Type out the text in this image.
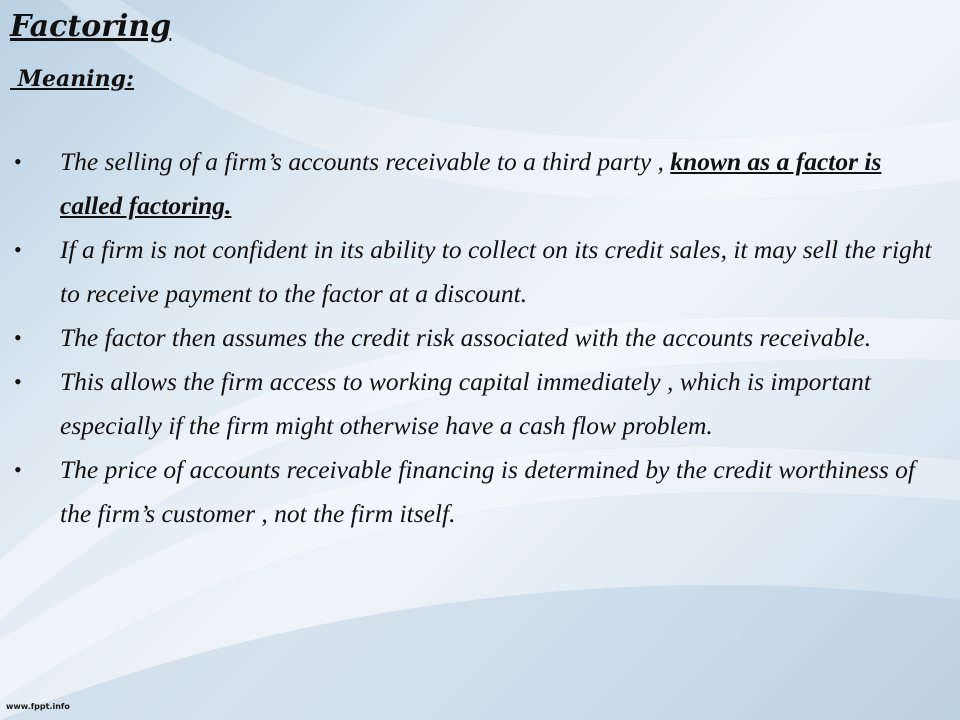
Factoring
Meaning:
• The selling of a firm’s accounts receivable to a third party , known as a factor is called factoring.
• If a firm is not confident in its ability to collect on its credit sales, it may sell the right to receive payment to the factor at a discount.
• The factor then assumes the credit risk associated with the accounts receivable.
• This allows the firm access to working capital immediately , which is important especially if the firm might otherwise have a cash flow problem.
• The price of accounts receivable financing is determined by the credit worthiness of the firm’s customer , not the firm itself.
www.fppt.info
